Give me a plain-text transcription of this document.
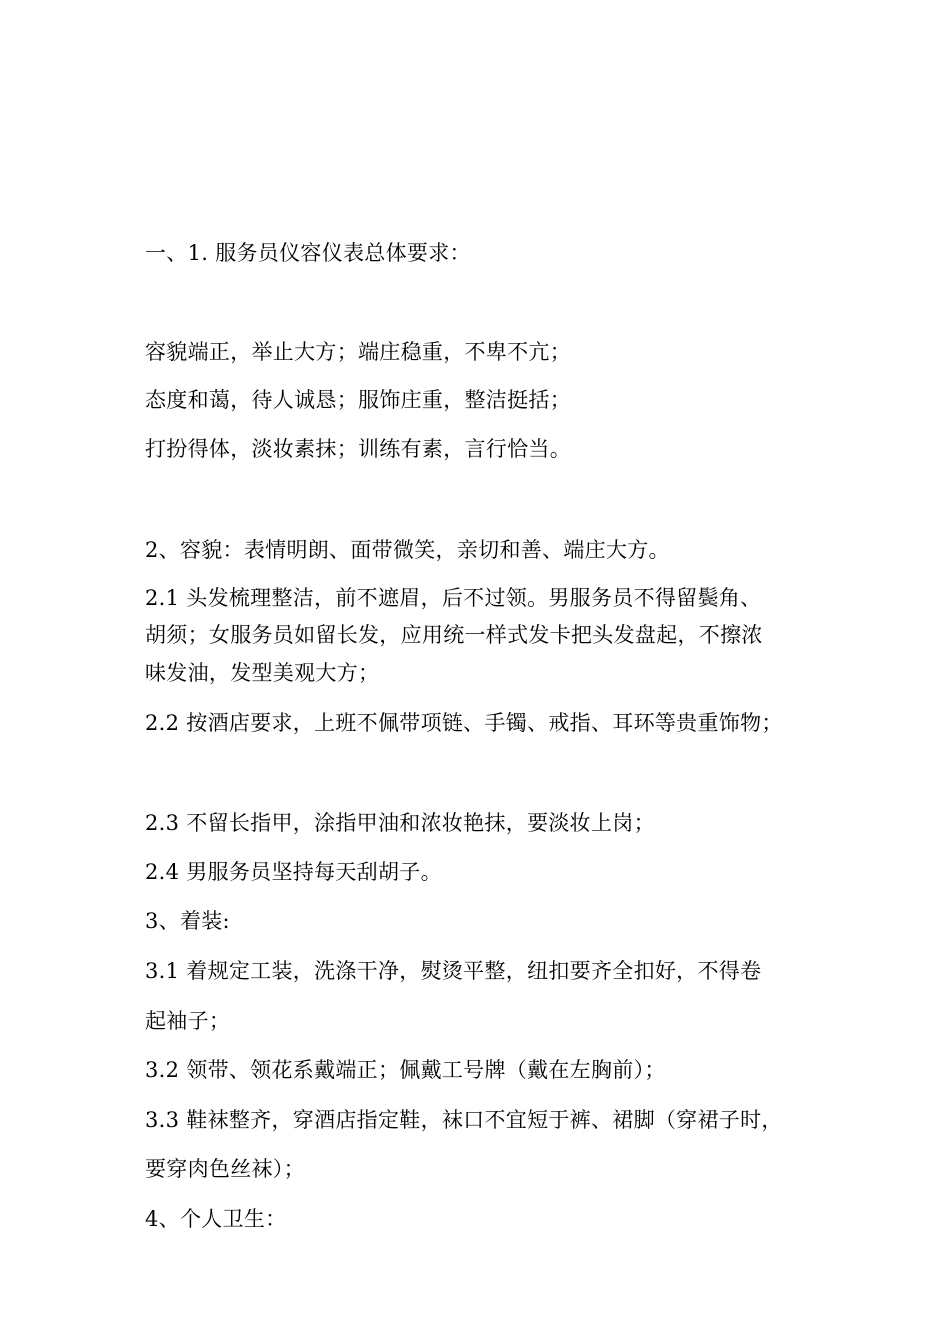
一、1. 服务员仪容仪表总体要求：
容貌端正，举止大方；端庄稳重，不卑不亢；
态度和蔼，待人诚恳；服饰庄重，整洁挺括；
打扮得体，淡妆素抹；训练有素，言行恰当。
2、容貌：表情明朗、面带微笑，亲切和善、端庄大方。
2.1 头发梳理整洁，前不遮眉，后不过领。男服务员不得留鬓角、
胡须；女服务员如留长发，应用统一样式发卡把头发盘起，不擦浓
味发油，发型美观大方；
2.2 按酒店要求，上班不佩带项链、手镯、戒指、耳环等贵重饰物；
2.3 不留长指甲，涂指甲油和浓妆艳抹，要淡妆上岗；
2.4 男服务员坚持每天刮胡子。
3、着装:
3.1 着规定工装，洗涤干净，熨烫平整，纽扣要齐全扣好，不得卷
起袖子；
3.2 领带、领花系戴端正；佩戴工号牌（戴在左胸前）；
3.3 鞋袜整齐，穿酒店指定鞋，袜口不宜短于裤、裙脚（穿裙子时，
要穿肉色丝袜）；
4、个人卫生：
